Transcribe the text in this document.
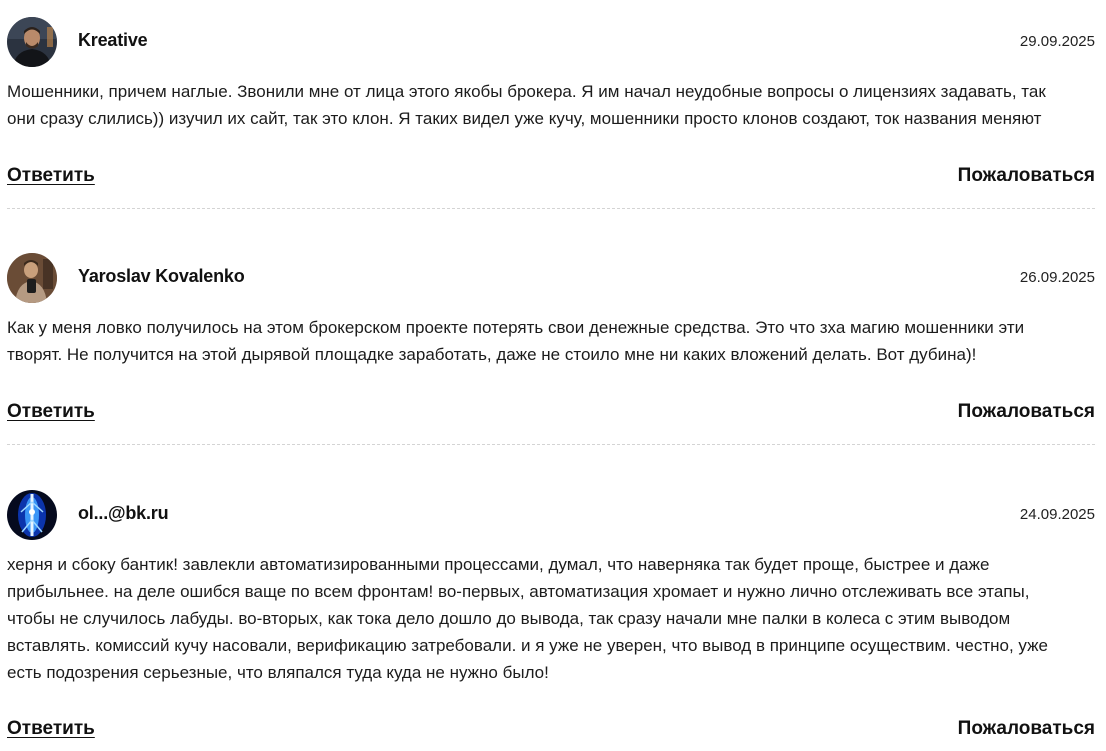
Kreative	29.09.2025

Мошенники, причем наглые. Звонили мне от лица этого якобы брокера. Я им начал неудобные вопросы о лицензиях задавать, так
они сразу слились)) изучил их сайт, так это клон. Я таких видел уже кучу, мошенники просто клонов создают, ток названия меняют

Ответить	Пожаловаться
Yaroslav Kovalenko	26.09.2025

Как у меня ловко получилось на этом брокерском проекте потерять свои денежные средства. Это что зха магию мошенники эти
творят. Не получится на этой дырявой площадке заработать, даже не стоило мне ни каких вложений делать. Вот дубина)!

Ответить	Пожаловаться
ol...@bk.ru	24.09.2025

херня и сбоку бантик! завлекли автоматизированными процессами, думал, что наверняка так будет проще, быстрее и даже
прибыльнее. на деле ошибся ваще по всем фронтам! во-первых, автоматизация хромает и нужно лично отслеживать все этапы,
чтобы не случилось лабуды. во-вторых, как тока дело дошло до вывода, так сразу начали мне палки в колеса с этим выводом
вставлять. комиссий кучу насовали, верификацию затребовали. и я уже не уверен, что вывод в принципе осуществим. честно, уже
есть подозрения серьезные, что вляпался туда куда не нужно было!

Ответить	Пожаловаться
